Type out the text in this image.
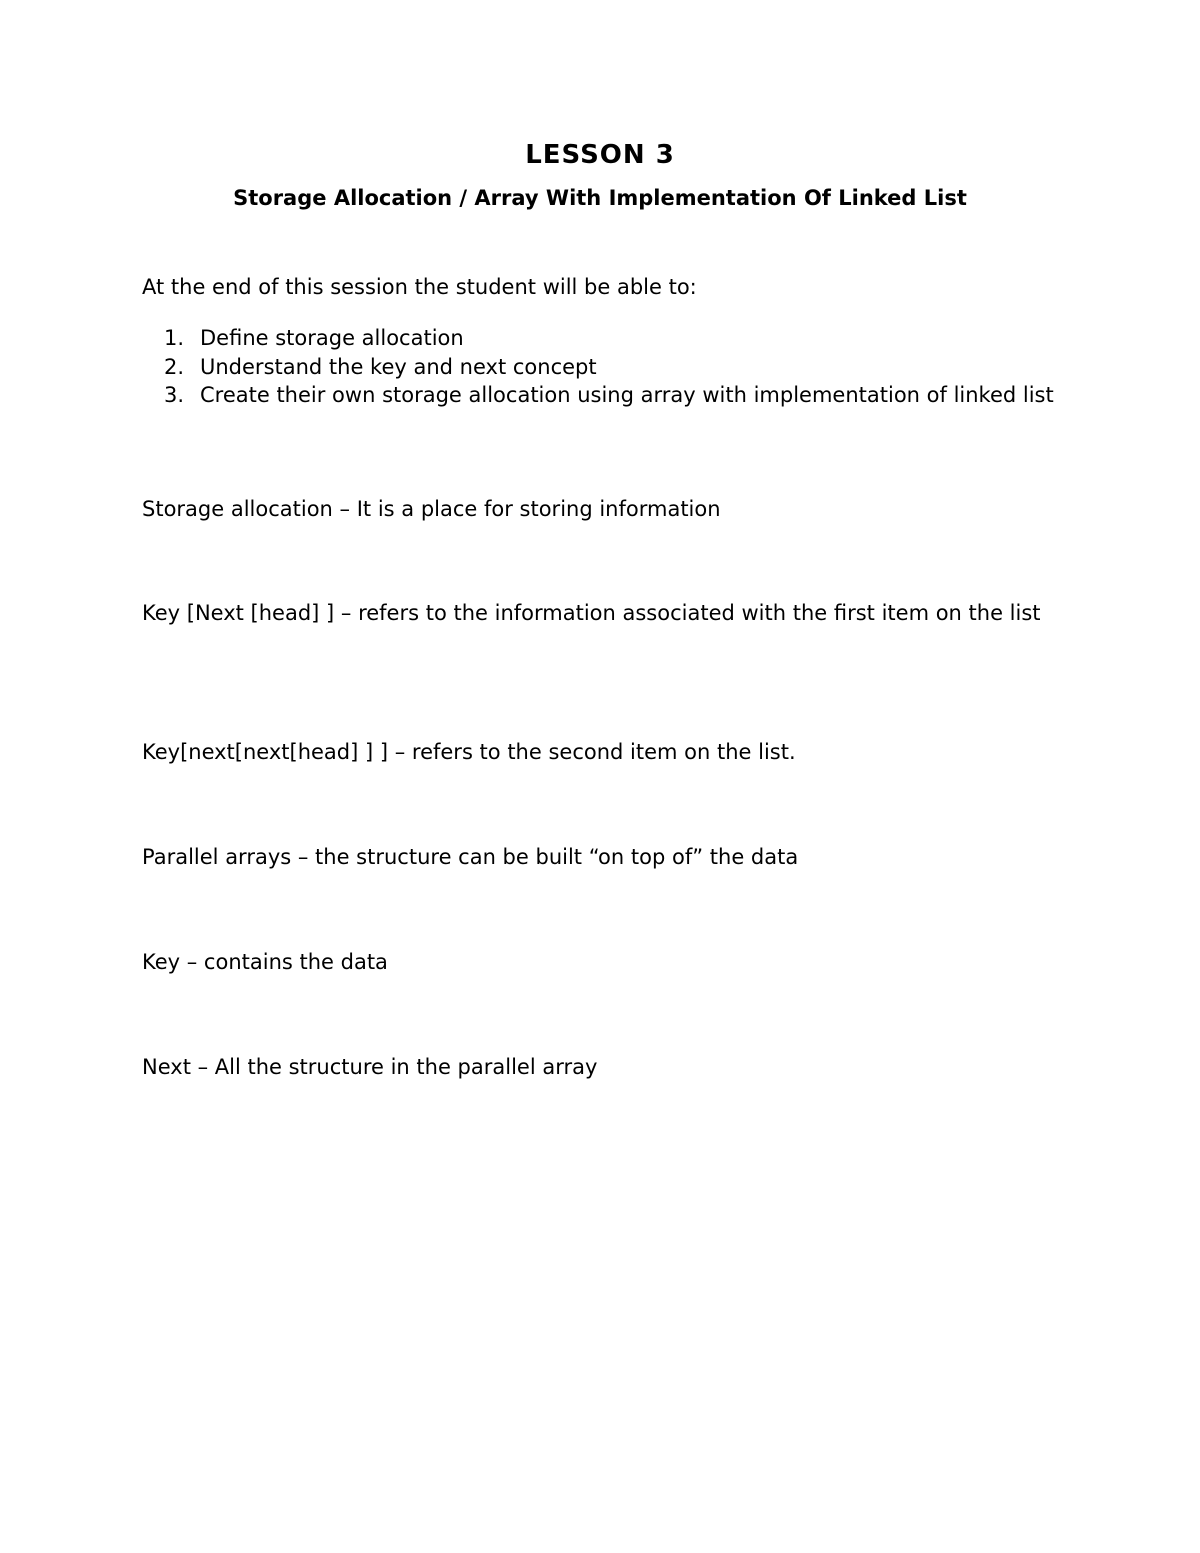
LESSON 3
Storage Allocation / Array With Implementation Of Linked List

At the end of this session the student will be able to:

1. Define storage allocation
2. Understand the key and next concept
3. Create their own storage allocation using array with implementation of linked list

Storage allocation – It is a place for storing information

Key [Next [head] ] – refers to the information associated with the first item on the list

Key[next[next[head] ] ] – refers to the second item on the list.

Parallel arrays – the structure can be built “on top of” the data

Key – contains the data

Next – All the structure in the parallel array
